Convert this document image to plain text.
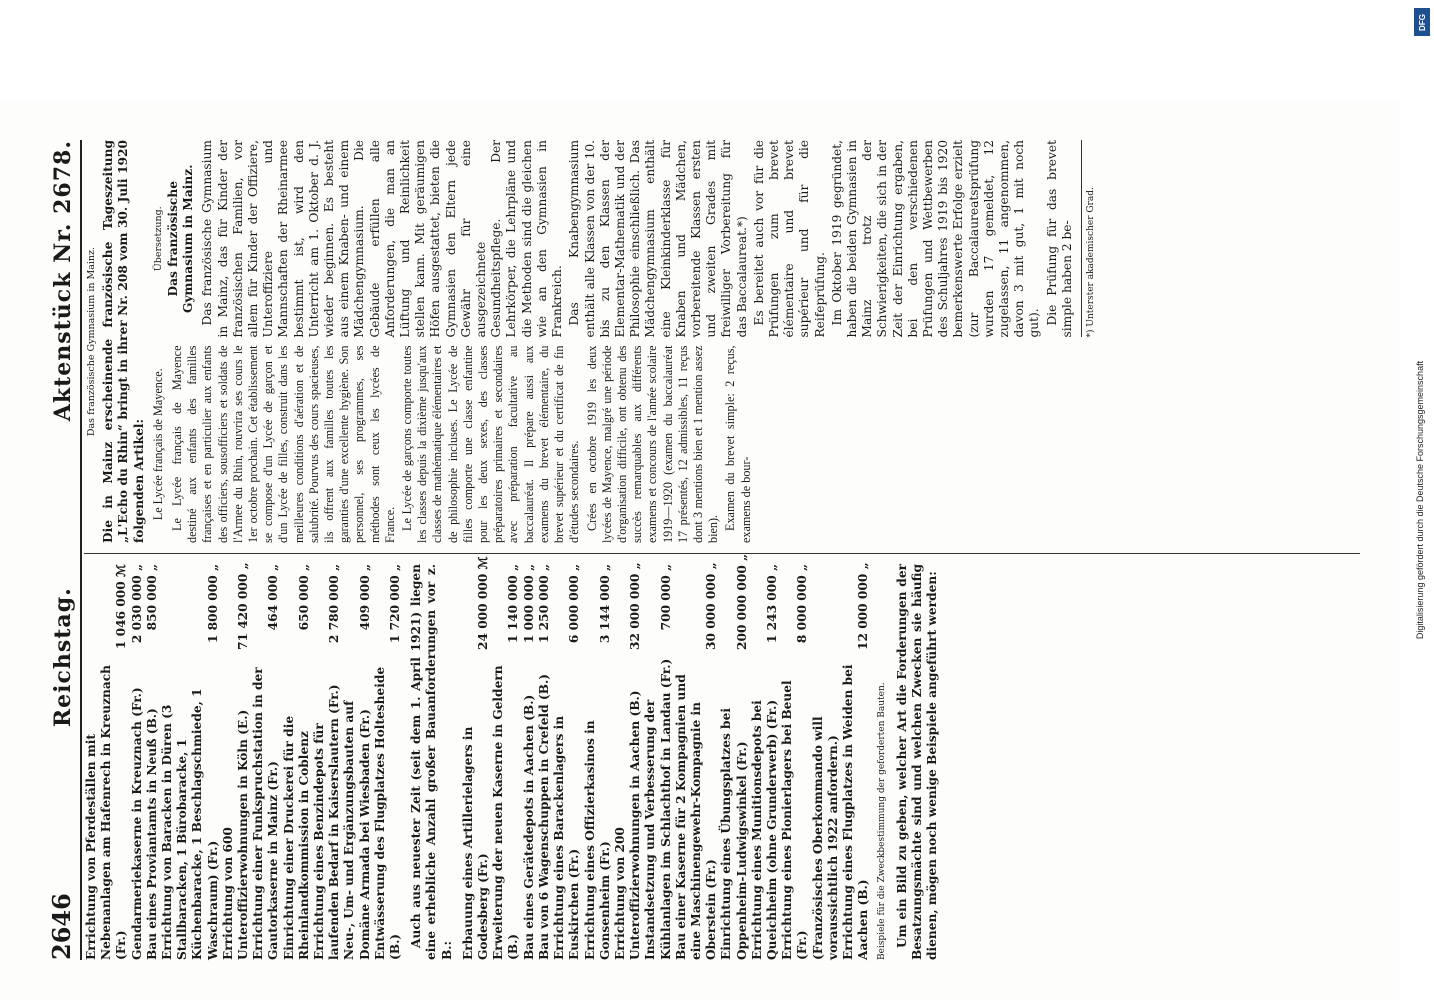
2646
Reichstag.
Aktenstück Nr. 2678.
Errichtung von Pferdeställen mit Nebenanlagen am Hafenrech in Kreuznach (Fr.)
1 046 000 ℳ
Gendarmeriekaserne in Kreuznach (Fr.)
2 030 000 „
Bau eines Proviantamts in Neuß (B.)
850 000 „
Errichtung von Baracken in Düren (3 Stallbaracken, 1 Bürobaracke, 1 Küchenbaracke, 1 Beschlagschmiede, 1 Waschraum) (Fr.)
1 800 000 „
Errichtung von 600 Unteroffizierwohnungen in Köln (E.)
71 420 000 „
Errichtung einer Funkspruchstation in der Gautorkaserne in Mainz (Fr.)
464 000 „
Einrichtung einer Druckerei für die Rheinlandkommission in Coblenz
650 000 „
Errichtung eines Benzindepots für laufenden Bedarf in Kaiserslautern (Fr.)
2 780 000 „
Neu-, Um- und Ergänzungsbauten auf Domäne Armada bei Wiesbaden (Fr.)
409 000 „
Entwässerung des Flugplatzes Holtesheide (B.)
1 720 000 „ Auch aus neuester Zeit (seit dem 1. April 1921) liegen eine erhebliche Anzahl großer Bauanforderungen vor z. B.: Erbauung eines Artillerielagers in Godesberg (Fr.)
24 000 000 ℳ
Erweiterung der neuen Kaserne in Geldern (B.)
1 140 000 „
Bau eines Gerätedepots in Aachen (B.)
1 000 000 „
Bau von 6 Wagenschuppen in Crefeld (B.)
1 250 000 „
Errichtung eines Barackenlagers in Euskirchen (Fr.)
6 000 000 „
Errichtung eines Offizierkasinos in Gonsenheim (Fr.)
3 144 000 „
Errichtung von 200 Unteroffizierwohnungen in Aachen (B.)
32 000 000 „
Instandsetzung und Verbesserung der Kühlanlagen im Schlachthof in Landau (Fr.)
700 000 „
Bau einer Kaserne für 2 Kompagnien und eine Maschinengewehr-Kompagnie in Oberstein (Fr.)
30 000 000 „
Einrichtung eines Übungsplatzes bei Oppenheim-Ludwigswinkel (Fr.)
200 000 000 „
Errichtung eines Munitionsdepots bei Queichheim (ohne Grunderwerb) (Fr.)
1 243 000 „
Errichtung eines Pionierlagers bei Beuel (Fr.)
8 000 000 „
(Französisches Oberkommando will voraussichtlich 1922 anfordern.) Errichtung eines Flugplatzes in Weiden bei Aachen (B.)
12 000 000 „
Beispiele für die Zweckbestimmung der geforderten Bauten. Um ein Bild zu geben, welcher Art die Forderungen der Besatzungsmächte sind und welchen Zwecken sie häufig dienen, mögen noch wenige Beispiele angeführt werden:
Das französische Gymnasium in Mainz. Die in Mainz erscheinende französische Tageszeitung „L'Echo du Rhin“ bringt in ihrer Nr. 208 vom 30. Juli 1920 folgenden Artikel: Le Lycée français de Mayence. Le Lycée français de Mayence destiné aux enfants des familles françaises et en particulier aux enfants des officiers, sousofficiers et soldats de l'Armee du Rhin, rouvrira ses cours le 1er octobre prochain. Cet établissement se compose d'un Lycée de garçon et d'un Lycée de filles, construit dans les meilleures conditions d'aération et de salubrité. Pourvus des cours spacieuses, ils offrent aux familles toutes les garanties d'une excellente hygiène. Son personnel, ses programmes, ses méthodes sont ceux les lycées de France. Le Lycée de garçons comporte toutes les classes depuis la dixième jusqu'aux classes de mathématique élémentaires et de philosophie incluses. Le Lycée de filles comporte une classe enfantine pour les deux sexes, des classes préparatoires primaires et secondaires avec préparation facultative au baccalauréat. Il prépare aussi aux examens du brevet élémentaire, du brevet supérieur et du certificat de fin d'études secondaires. Crées en octobre 1919 les deux lycées de Mayence, malgré une période d'organisation difficile, ont obtenu des succès remarquables aux différents examens et concours de l'année scolaire 1919—1920 (examen du baccalauréat 17 présentés, 12 admissibles, 11 reçus dont 3 mentions bien et 1 mention assez bien). Examen du brevet simple: 2 reçus, examens de bour-
Übersetzung. Das französische Gymnasium in Mainz. Das französische Gymnasium in Mainz, das für Kinder der französischen Familien, vor allem für Kinder der Offiziere, Unteroffiziere und Mannschaften der Rheinarmee bestimmt ist, wird den Unterricht am 1. Oktober d. J. wieder beginnen. Es besteht aus einem Knaben- und einem Mädchengymnasium. Die Gebäude erfüllen alle Anforderungen, die man an Lüftung und Reinlichkeit stellen kann. Mit geräumigen Höfen ausgestattet, bieten die Gymnasien den Eltern jede Gewähr für eine ausgezeichnete Gesundheitspflege. Der Lehrkörper, die Lehrpläne und die Methoden sind die gleichen wie an den Gymnasien in Frankreich. Das Knabengymnasium enthält alle Klassen von der 10. bis zu den Klassen der Elementar-Mathematik und der Philosophie einschließlich. Das Mädchengymnasium enthält eine Kleinkinderklasse für Knaben und Mädchen, vorbereitende Klassen ersten und zweiten Grades mit freiwilliger Vorbereitung für das Baccalaureat.*) Es bereitet auch vor für die Prüfungen zum brevet élémentaire und brevet supérieur und für die Reifeprüfung. Im Oktober 1919 gegründet, haben die beiden Gymnasien in Mainz trotz der Schwierigkeiten, die sich in der Zeit der Einrichtung ergaben, bei den verschiedenen Prüfungen und Wettbewerben des Schuljahres 1919 bis 1920 bemerkenswerte Erfolge erzielt (zur Baccalaureatsprüfung wurden 17 gemeldet, 12 zugelassen, 11 angenommen, davon 3 mit gut, 1 mit noch gut). Die Prüfung für das brevet simple haben 2 be-	*) Unterster akademischer Grad.
Digitalisierung gefördert durch die Deutsche Forschungsgemeinschaft
DFG
